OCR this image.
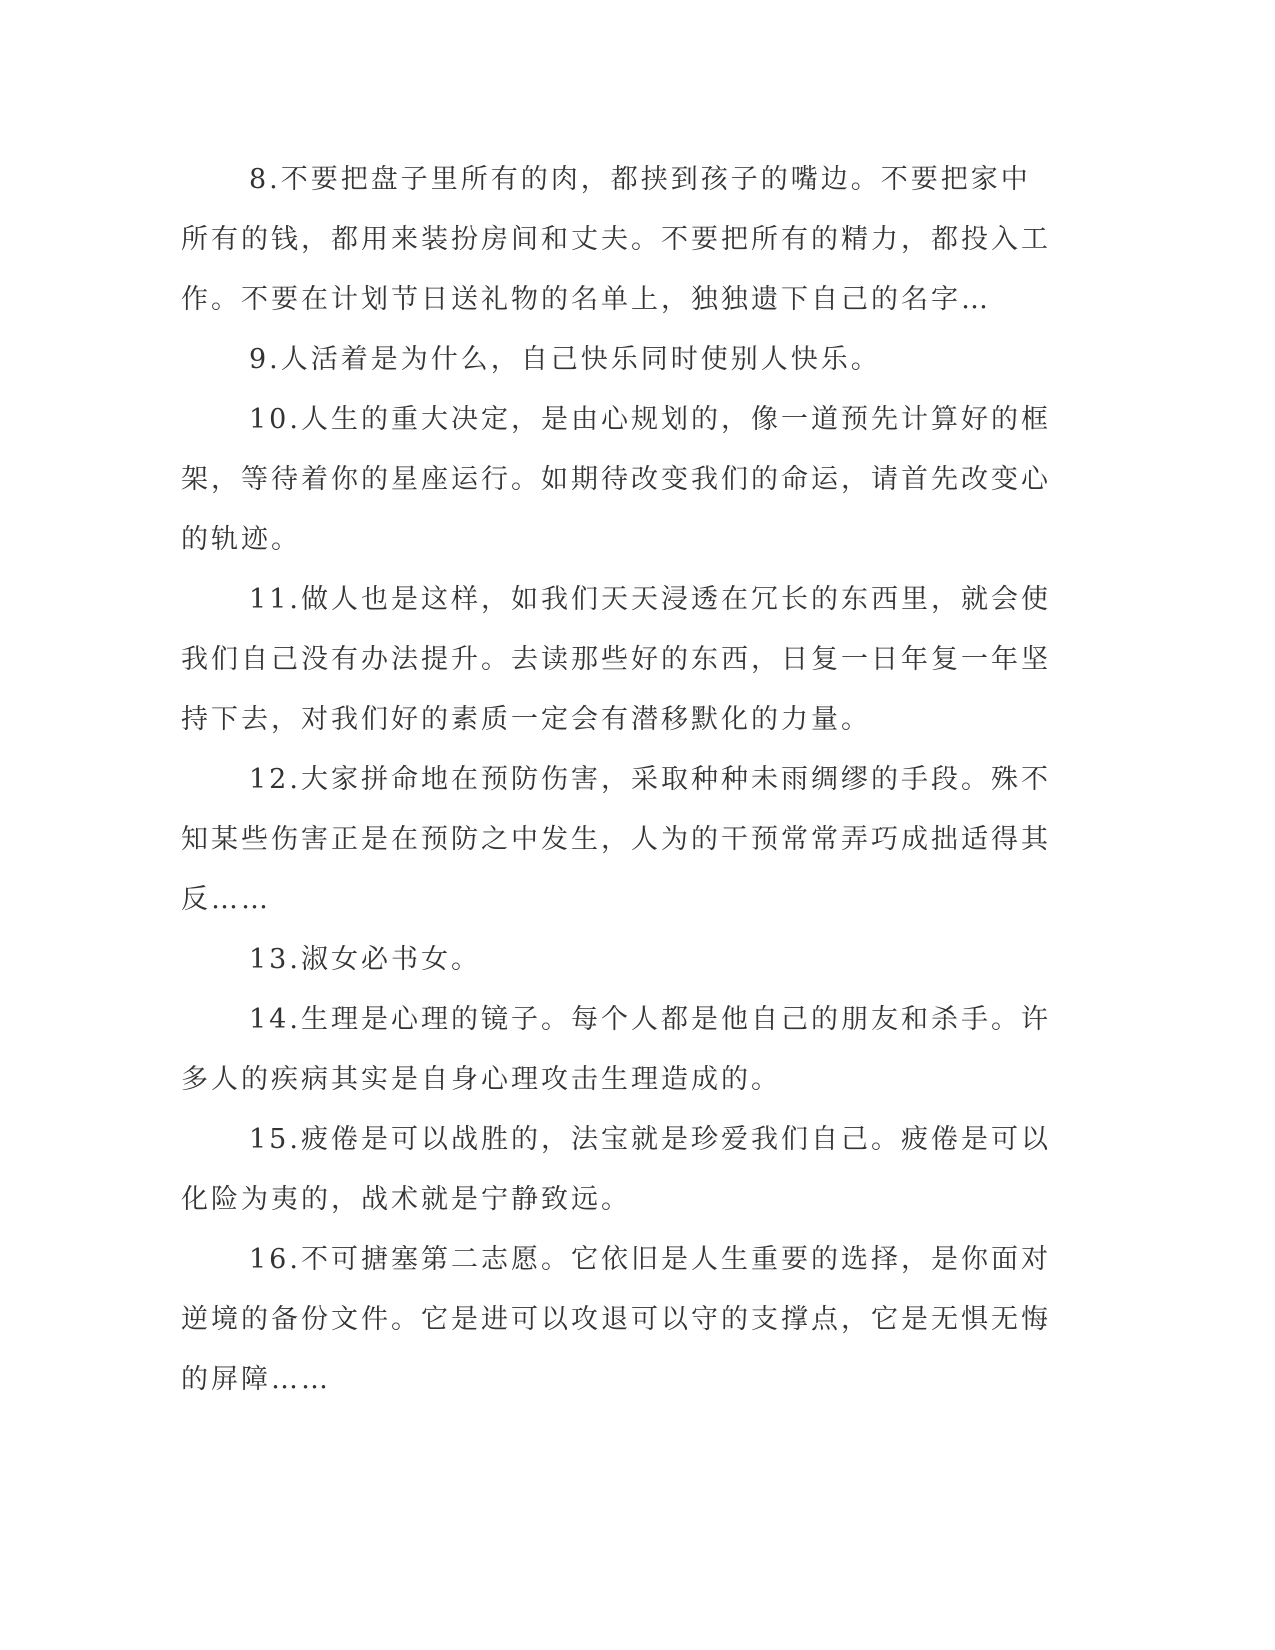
8.不要把盘子里所有的肉，都挟到孩子的嘴边。不要把家中所有的钱，都用来装扮房间和丈夫。不要把所有的精力，都投入工作。不要在计划节日送礼物的名单上，独独遗下自己的名字…

9.人活着是为什么，自己快乐同时使别人快乐。

10.人生的重大决定，是由心规划的，像一道预先计算好的框架，等待着你的星座运行。如期待改变我们的命运，请首先改变心的轨迹。

11.做人也是这样，如我们天天浸透在冗长的东西里，就会使我们自己没有办法提升。去读那些好的东西，日复一日年复一年坚持下去，对我们好的素质一定会有潜移默化的力量。

12.大家拼命地在预防伤害，采取种种未雨绸缪的手段。殊不知某些伤害正是在预防之中发生，人为的干预常常弄巧成拙适得其反……

13.淑女必书女。

14.生理是心理的镜子。每个人都是他自己的朋友和杀手。许多人的疾病其实是自身心理攻击生理造成的。

15.疲倦是可以战胜的，法宝就是珍爱我们自己。疲倦是可以化险为夷的，战术就是宁静致远。

16.不可搪塞第二志愿。它依旧是人生重要的选择，是你面对逆境的备份文件。它是进可以攻退可以守的支撑点，它是无惧无悔的屏障……
